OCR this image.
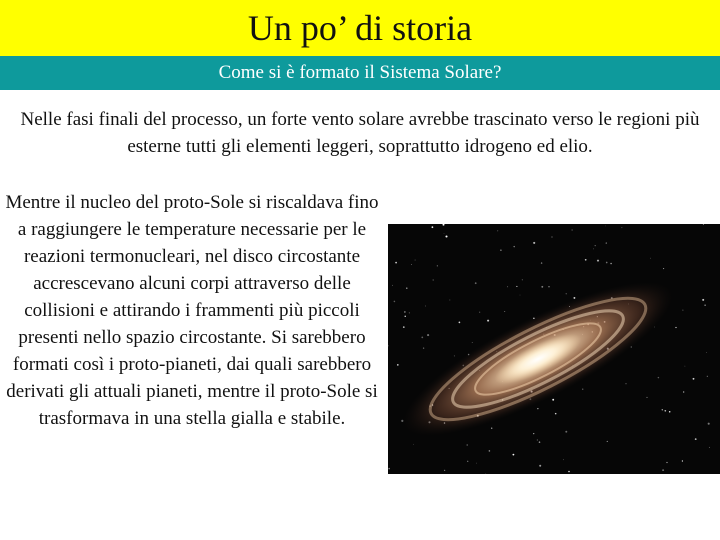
Un po’ di storia
Come si è formato il Sistema Solare?
Nelle fasi finali del processo, un forte vento solare avrebbe trascinato verso le regioni più esterne tutti gli elementi leggeri, soprattutto idrogeno ed elio.
Mentre il nucleo del proto-Sole si riscaldava fino a raggiungere le temperature necessarie per le reazioni termonucleari, nel disco circostante accrescevano alcuni corpi attraverso delle collisioni e attirando i frammenti più piccoli presenti nello spazio circostante. Si sarebbero formati così i proto-pianeti, dai quali sarebbero derivati gli attuali pianeti, mentre il proto-Sole si trasformava in una stella gialla e stabile.
